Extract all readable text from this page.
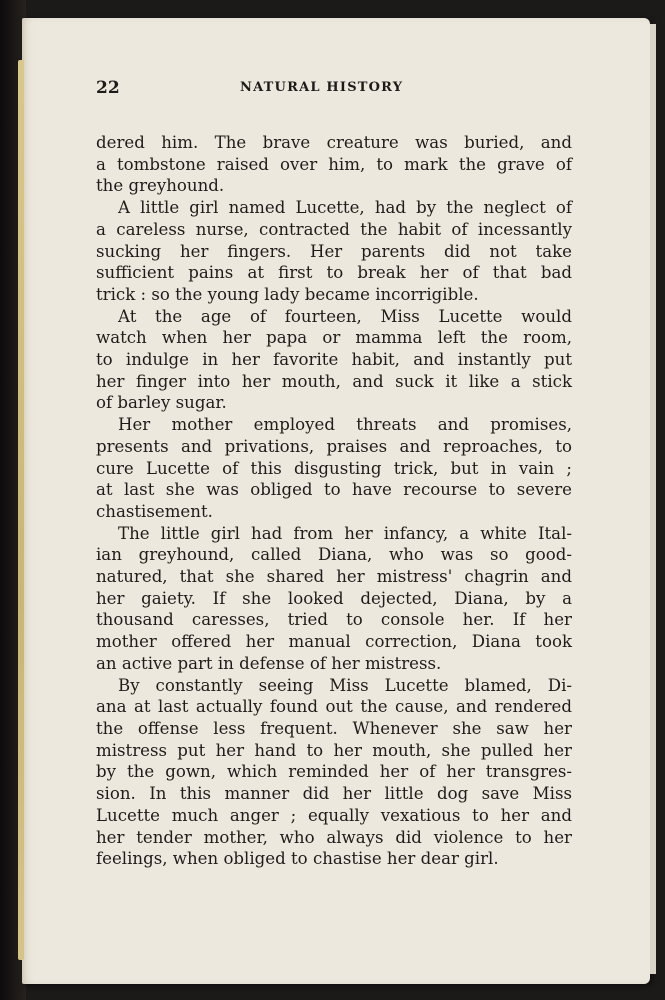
22	NATURAL HISTORY
dered him. The brave creature was buried, and
a tombstone raised over him, to mark the grave of
the greyhound.
A little girl named Lucette, had by the neglect of
a careless nurse, contracted the habit of incessantly
sucking her fingers. Her parents did not take
sufficient pains at first to break her of that bad
trick : so the young lady became incorrigible.
At the age of fourteen, Miss Lucette would
watch when her papa or mamma left the room,
to indulge in her favorite habit, and instantly put
her finger into her mouth, and suck it like a stick
of barley sugar.
Her mother employed threats and promises,
presents and privations, praises and reproaches, to
cure Lucette of this disgusting trick, but in vain ;
at last she was obliged to have recourse to severe
chastisement.
The little girl had from her infancy, a white Ital-
ian greyhound, called Diana, who was so good-
natured, that she shared her mistress' chagrin and
her gaiety. If she looked dejected, Diana, by a
thousand caresses, tried to console her. If her
mother offered her manual correction, Diana took
an active part in defense of her mistress.
By constantly seeing Miss Lucette blamed, Di-
ana at last actually found out the cause, and rendered
the offense less frequent. Whenever she saw her
mistress put her hand to her mouth, she pulled her
by the gown, which reminded her of her transgres-
sion. In this manner did her little dog save Miss
Lucette much anger ; equally vexatious to her and
her tender mother, who always did violence to her
feelings, when obliged to chastise her dear girl.
